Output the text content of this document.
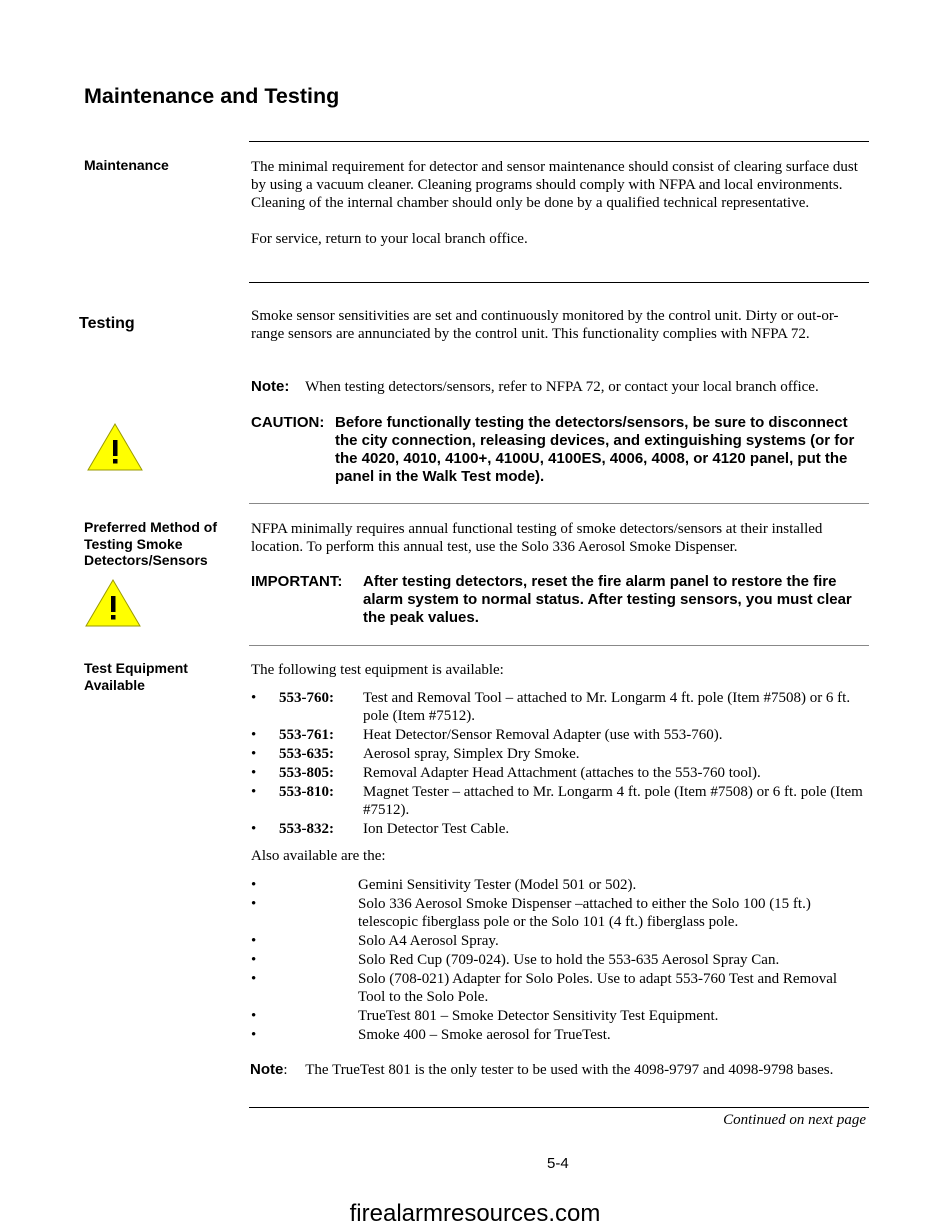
Maintenance and Testing
Maintenance	The minimal requirement for detector and sensor maintenance should consist of clearing surface dust by using a vacuum cleaner. Cleaning programs should comply with NFPA and local environments. Cleaning of the internal chamber should only be done by a qualified technical representative.

For service, return to your local branch office.

Testing	Smoke sensor sensitivities are set and continuously monitored by the control unit. Dirty or out-or-range sensors are annunciated by the control unit. This functionality complies with NFPA 72.

Note: When testing detectors/sensors, refer to NFPA 72, or contact your local branch office.
CAUTION: Before functionally testing the detectors/sensors, be sure to disconnect the city connection, releasing devices, and extinguishing systems (or for the 4020, 4010, 4100+, 4100U, 4100ES, 4006, 4008, or 4120 panel, put the panel in the Walk Test mode).
Preferred Method of Testing Smoke Detectors/Sensors

NFPA minimally requires annual functional testing of smoke detectors/sensors at their installed location. To perform this annual test, use the Solo 336 Aerosol Smoke Dispenser.

IMPORTANT: After testing detectors, reset the fire alarm panel to restore the fire alarm system to normal status. After testing sensors, you must clear the peak values.
Test Equipment Available
The following test equipment is available:
• 553-760: Test and Removal Tool – attached to Mr. Longarm 4 ft. pole (Item #7508) or 6 ft. pole (Item #7512).
• 553-761: Heat Detector/Sensor Removal Adapter (use with 553-760).
• 553-635: Aerosol spray, Simplex Dry Smoke.
• 553-805: Removal Adapter Head Attachment (attaches to the 553-760 tool).
• 553-810: Magnet Tester – attached to Mr. Longarm 4 ft. pole (Item #7508) or 6 ft. pole (Item #7512).
• 553-832: Ion Detector Test Cable.
Also available are the:
•	Gemini Sensitivity Tester (Model 501 or 502).
•	Solo 336 Aerosol Smoke Dispenser –attached to either the Solo 100 (15 ft.) telescopic fiberglass pole or the Solo 101 (4 ft.) fiberglass pole.
•	Solo A4 Aerosol Spray.
•	Solo Red Cup (709-024). Use to hold the 553-635 Aerosol Spray Can.
•	Solo (708-021) Adapter for Solo Poles. Use to adapt 553-760 Test and Removal Tool to the Solo Pole.
•	TrueTest 801 – Smoke Detector Sensitivity Test Equipment.
•	Smoke 400 – Smoke aerosol for TrueTest.
Note: The TrueTest 801 is the only tester to be used with the 4098-9797 and 4098-9798 bases.
Continued on next page
5-4
firealarmresources.com
